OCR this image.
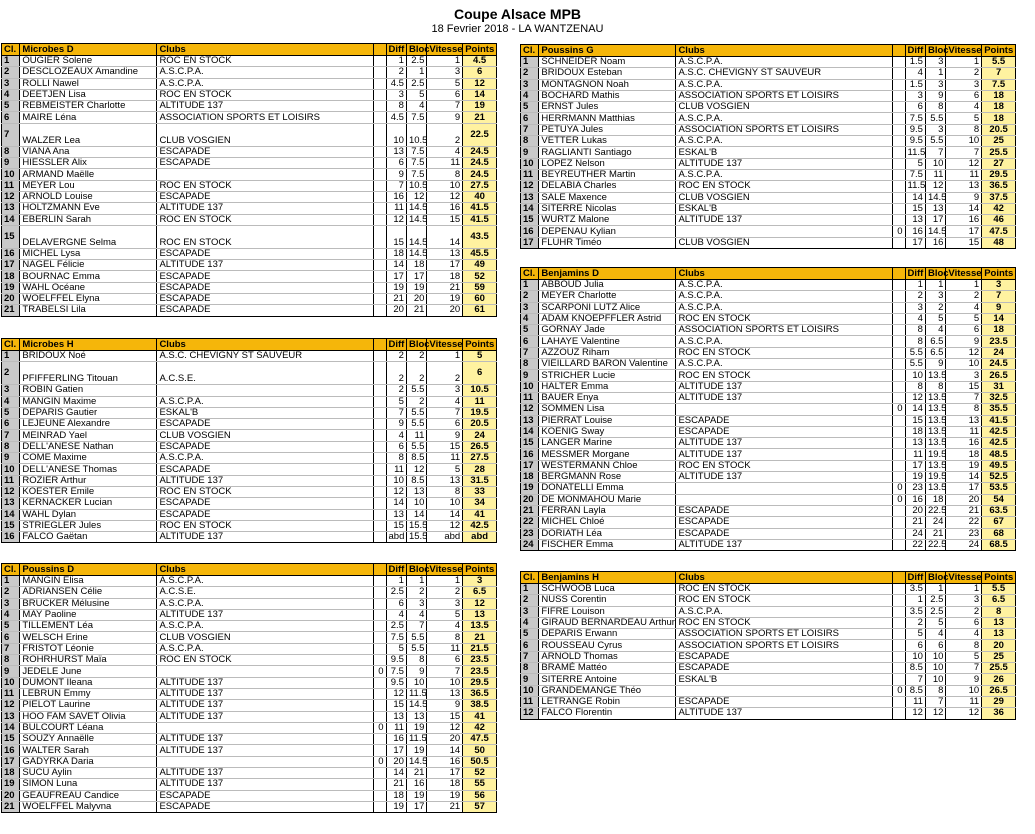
Coupe Alsace MPB
18 Fevrier 2018 - LA WANTZENAU
Cl.	Microbes D	Clubs		Diff	Bloc	Vitesse	Points
1	OUGIER Solene	ROC EN STOCK		1	2.5	1	4.5
2	DESCLOZEAUX Amandine	A.S.C.P.A.		2	1	3	6
3	ROLLI Nawel	A.S.C.P.A.		4.5	2.5	5	12
4	DEETJEN Lisa	ROC EN STOCK		3	5	6	14
5	REBMEISTER Charlotte	ALTITUDE 137		8	4	7	19
6	MAIRE Léna	ASSOCIATION SPORTS ET LOISIRS		4.5	7.5	9	21
7	WALZER Lea	CLUB VOSGIEN		10	10.5	2	22.5
8	VIANA Ana	ESCAPADE		13	7.5	4	24.5
9	HIESSLER Alix	ESCAPADE		6	7.5	11	24.5
10	ARMAND Maëlle			9	7.5	8	24.5
11	MEYER Lou	ROC EN STOCK		7	10.5	10	27.5
12	ARNOLD Louise	ESCAPADE		16	12	12	40
13	HOLTZMANN Eve	ALTITUDE 137		11	14.5	16	41.5
14	EBERLIN Sarah	ROC EN STOCK		12	14.5	15	41.5
15	DELAVERGNE Selma	ROC EN STOCK		15	14.5	14	43.5
16	MICHEL Lysa	ESCAPADE		18	14.5	13	45.5
17	NAGEL Félicie	ALTITUDE 137		14	18	17	49
18	BOURNAC Emma	ESCAPADE		17	17	18	52
19	WAHL Océane	ESCAPADE		19	19	21	59
20	WOELFFEL Elyna	ESCAPADE		21	20	19	60
21	TRABELSI Lila	ESCAPADE		20	21	20	61
Cl.	Microbes H	Clubs		Diff	Bloc	Vitesse	Points
1	BRIDOUX Noé	A.S.C. CHEVIGNY ST SAUVEUR		2	2	1	5
2	PFIFFERLING Titouan	A.C.S.E.		2	2	2	6
3	ROBIN Gatien			2	5.5	3	10.5
4	MANGIN Maxime	A.S.C.P.A.		5	2	4	11
5	DEPARIS Gautier	ESKAL'B		7	5.5	7	19.5
6	LEJEUNE Alexandre	ESCAPADE		9	5.5	6	20.5
7	MEINRAD Yael	CLUB VOSGIEN		4	11	9	24
8	DELL'ANESE Nathan	ESCAPADE		6	5.5	15	26.5
9	COME Maxime	A.S.C.P.A.		8	8.5	11	27.5
10	DELL'ANESE Thomas	ESCAPADE		11	12	5	28
11	ROZIER Arthur	ALTITUDE 137		10	8.5	13	31.5
12	KOESTER Emile	ROC EN STOCK		12	13	8	33
13	KERNACKER Lucian	ESCAPADE		14	10	10	34
14	WAHL Dylan	ESCAPADE		13	14	14	41
15	STRIEGLER Jules	ROC EN STOCK		15	15.5	12	42.5
16	FALCO Gaëtan	ALTITUDE 137		abd	15.5	abd	abd
Cl.	Poussins D	Clubs		Diff	Bloc	Vitesse	Points
1	MANGIN Elisa	A.S.C.P.A.		1	1	1	3
2	ADRIANSEN Célie	A.C.S.E.		2.5	2	2	6.5
3	BRUCKER Mélusine	A.S.C.P.A.		6	3	3	12
4	MAY Paoline	ALTITUDE 137		4	4	5	13
5	TILLEMENT Léa	A.S.C.P.A.		2.5	7	4	13.5
6	WELSCH Erine	CLUB VOSGIEN		7.5	5.5	8	21
7	FRISTOT Léonie	A.S.C.P.A.		5	5.5	11	21.5
8	ROHRHURST Maïa	ROC EN STOCK		9.5	8	6	23.5
9	JEDELE June		0	7.5	9	7	23.5
10	DUMONT Ileana	ALTITUDE 137		9.5	10	10	29.5
11	LEBRUN Emmy	ALTITUDE 137		12	11.5	13	36.5
12	PIELOT Laurine	ALTITUDE 137		15	14.5	9	38.5
13	HOO FAM SAVET Olivia	ALTITUDE 137		13	13	15	41
14	BULCOURT Léana		0	11	19	12	42
15	SOUZY Annaëlle	ALTITUDE 137		16	11.5	20	47.5
16	WALTER Sarah	ALTITUDE 137		17	19	14	50
17	GADYRKA Daria		0	20	14.5	16	50.5
18	SUCU Aylin	ALTITUDE 137		14	21	17	52
19	SIMON Luna	ALTITUDE 137		21	16	18	55
20	GEAUFREAU Candice	ESCAPADE		18	19	19	56
21	WOELFFEL Malyvna	ESCAPADE		19	17	21	57
Cl.	Poussins G	Clubs		Diff	Bloc	Vitesse	Points
1	SCHNEIDER Noam	A.S.C.P.A.		1.5	3	1	5.5
2	BRIDOUX Esteban	A.S.C. CHEVIGNY ST SAUVEUR		4	1	2	7
3	MONTAGNON Noah	A.S.C.P.A.		1.5	3	3	7.5
4	BOCHARD Mathis	ASSOCIATION SPORTS ET LOISIRS		3	9	6	18
5	ERNST Jules	CLUB VOSGIEN		6	8	4	18
6	HERRMANN Matthias	A.S.C.P.A.		7.5	5.5	5	18
7	PETUYA Jules	ASSOCIATION SPORTS ET LOISIRS		9.5	3	8	20.5
8	VETTER Lukas	A.S.C.P.A.		9.5	5.5	10	25
9	RAGLIANTI Santiago	ESKAL'B		11.5	7	7	25.5
10	LOPEZ Nelson	ALTITUDE 137		5	10	12	27
11	BEYREUTHER Martin	A.S.C.P.A.		7.5	11	11	29.5
12	DELABIA Charles	ROC EN STOCK		11.5	12	13	36.5
13	SALE Maxence	CLUB VOSGIEN		14	14.5	9	37.5
14	SITERRE Nicolas	ESKAL'B		15	13	14	42
15	WURTZ Malone	ALTITUDE 137		13	17	16	46
16	DEPENAU Kylian		0	16	14.5	17	47.5
17	FLUHR Timéo	CLUB VOSGIEN		17	16	15	48
Cl.	Benjamins D	Clubs		Diff	Bloc	Vitesse	Points
1	ABBOUD Julia	A.S.C.P.A.		1	1	1	3
2	MEYER Charlotte	A.S.C.P.A.		2	3	2	7
3	SCARPONI LUTZ Alice	A.S.C.P.A.		3	2	4	9
4	ADAM KNOEPFFLER Astrid	ROC EN STOCK		4	5	5	14
5	GORNAY Jade	ASSOCIATION SPORTS ET LOISIRS		8	4	6	18
6	LAHAYE Valentine	A.S.C.P.A.		8	6.5	9	23.5
7	AZZOUZ Riham	ROC EN STOCK		5.5	6.5	12	24
8	VIEILLARD BARON Valentine	A.S.C.P.A.		5.5	9	10	24.5
9	STRICHER Lucie	ROC EN STOCK		10	13.5	3	26.5
10	HALTER Emma	ALTITUDE 137		8	8	15	31
11	BAUER Enya	ALTITUDE 137		12	13.5	7	32.5
12	SOMMEN Lisa		0	14	13.5	8	35.5
13	PIERRAT Louise	ESCAPADE		15	13.5	13	41.5
14	KOENIG Sway	ESCAPADE		18	13.5	11	42.5
15	LANGER Marine	ALTITUDE 137		13	13.5	16	42.5
16	MESSMER Morgane	ALTITUDE 137		11	19.5	18	48.5
17	WESTERMANN Chloe	ROC EN STOCK		17	13.5	19	49.5
18	BERGMANN Rose	ALTITUDE 137		19	19.5	14	52.5
19	DONATELLI Emma		0	23	13.5	17	53.5
20	DE MONMAHOU Marie		0	16	18	20	54
21	FERRAN Layla	ESCAPADE		20	22.5	21	63.5
22	MICHEL Chloé	ESCAPADE		21	24	22	67
23	DORIATH Léa	ESCAPADE		24	21	23	68
24	FISCHER Emma	ALTITUDE 137		22	22.5	24	68.5
Cl.	Benjamins H	Clubs		Diff	Bloc	Vitesse	Points
1	SCHWOOB Luca	ROC EN STOCK		3.5	1	1	5.5
2	NUSS Corentin	ROC EN STOCK		1	2.5	3	6.5
3	FIFRE Louison	A.S.C.P.A.		3.5	2.5	2	8
4	GIRAUD BERNARDEAU Arthur	ROC EN STOCK		2	5	6	13
5	DEPARIS Erwann	ASSOCIATION SPORTS ET LOISIRS		5	4	4	13
6	ROUSSEAU Cyrus	ASSOCIATION SPORTS ET LOISIRS		6	6	8	20
7	ARNOLD Thomas	ESCAPADE		10	10	5	25
8	BRAMÉ Mattéo	ESCAPADE		8.5	10	7	25.5
9	SITERRE Antoine	ESKAL'B		7	10	9	26
10	GRANDEMANGE Théo		0	8.5	8	10	26.5
11	LETRANGE Robin	ESCAPADE		11	7	11	29
12	FALCO Florentin	ALTITUDE 137		12	12	12	36
